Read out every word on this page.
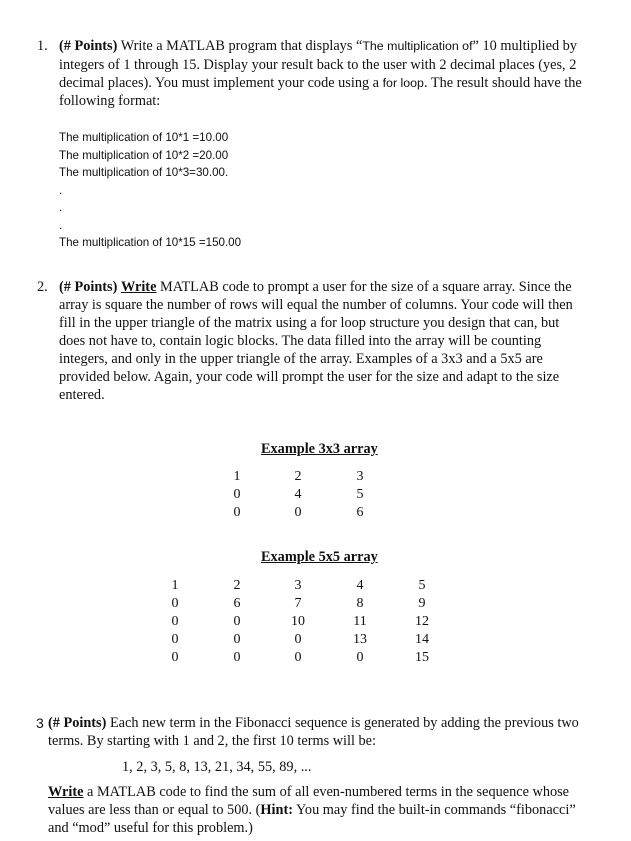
1. (# Points) Write a MATLAB program that displays “The multiplication of” 10 multiplied by integers of 1 through 15. Display your result back to the user with 2 decimal places (yes, 2 decimal places). You must implement your code using a for loop. The result should have the following format:
The multiplication of 10*1 =10.00
The multiplication of 10*2 =20.00
The multiplication of 10*3=30.00.
.
.
.
The multiplication of 10*15 =150.00
2. (# Points) Write MATLAB code to prompt a user for the size of a square array. Since the array is square the number of rows will equal the number of columns. Your code will then fill in the upper triangle of the matrix using a for loop structure you design that can, but does not have to, contain logic blocks. The data filled into the array will be counting integers, and only in the upper triangle of the array. Examples of a 3x3 and a 5x5 are provided below. Again, your code will prompt the user for the size and adapt to the size entered.
Example 3x3 array
1	2	3
0	4	5
0	0	6
Example 5x5 array
1	2	3	4	5
0	6	7	8	9
0	0	10	11	12
0	0	0	13	14
0	0	0	0	15
3 (# Points) Each new term in the Fibonacci sequence is generated by adding the previous two terms. By starting with 1 and 2, the first 10 terms will be:
1, 2, 3, 5, 8, 13, 21, 34, 55, 89, ...
Write a MATLAB code to find the sum of all even-numbered terms in the sequence whose values are less than or equal to 500. (Hint: You may find the built-in commands “fibonacci” and “mod” useful for this problem.)
